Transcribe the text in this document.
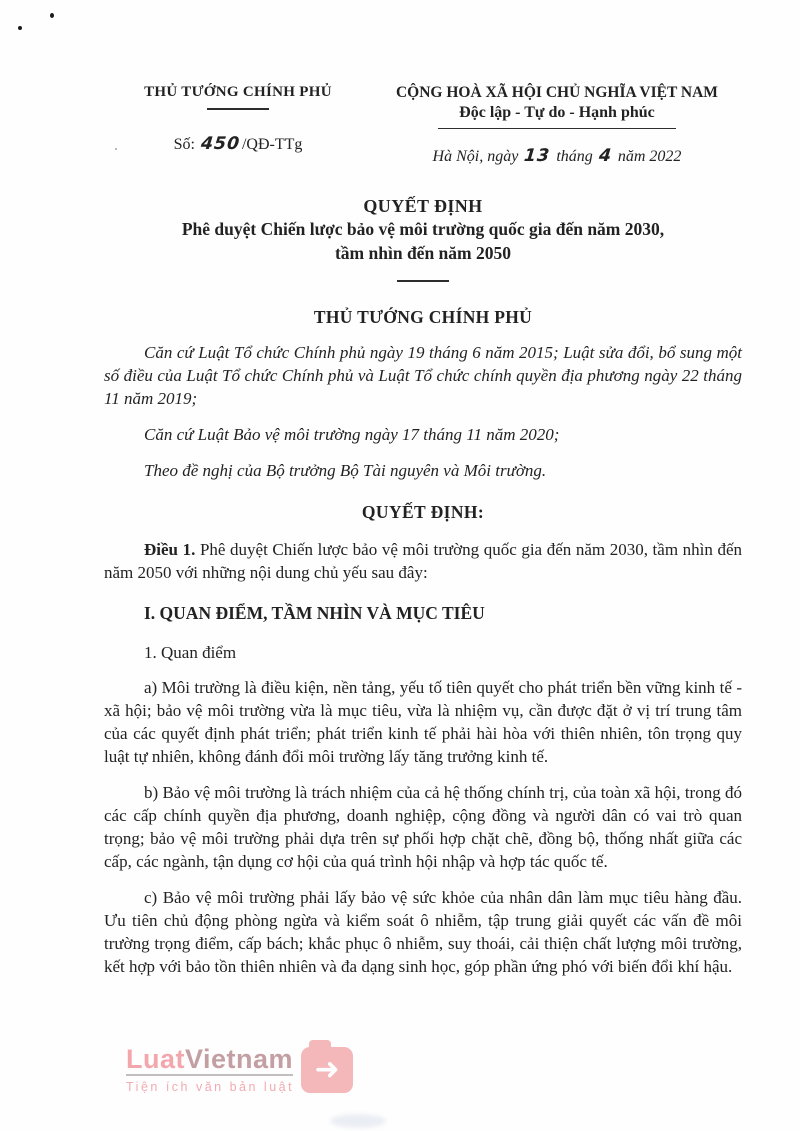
THỦ TƯỚNG CHÍNH PHỦ
Số: 450/QĐ-TTg
CỘNG HOÀ XÃ HỘI CHỦ NGHĨA VIỆT NAM
Độc lập - Tự do - Hạnh phúc
Hà Nội, ngày 13 tháng 4 năm 2022
QUYẾT ĐỊNH
Phê duyệt Chiến lược bảo vệ môi trường quốc gia đến năm 2030,
tầm nhìn đến năm 2050
THỦ TƯỚNG CHÍNH PHỦ

Căn cứ Luật Tổ chức Chính phủ ngày 19 tháng 6 năm 2015; Luật sửa đổi, bổ sung một số điều của Luật Tổ chức Chính phủ và Luật Tổ chức chính quyền địa phương ngày 22 tháng 11 năm 2019;

Căn cứ Luật Bảo vệ môi trường ngày 17 tháng 11 năm 2020;

Theo đề nghị của Bộ trưởng Bộ Tài nguyên và Môi trường.

QUYẾT ĐỊNH:

Điều 1. Phê duyệt Chiến lược bảo vệ môi trường quốc gia đến năm 2030, tầm nhìn đến năm 2050 với những nội dung chủ yếu sau đây:

I. QUAN ĐIỂM, TẦM NHÌN VÀ MỤC TIÊU
1. Quan điểm

a) Môi trường là điều kiện, nền tảng, yếu tố tiên quyết cho phát triển bền vững kinh tế - xã hội; bảo vệ môi trường vừa là mục tiêu, vừa là nhiệm vụ, cần được đặt ở vị trí trung tâm của các quyết định phát triển; phát triển kinh tế phải hài hòa với thiên nhiên, tôn trọng quy luật tự nhiên, không đánh đổi môi trường lấy tăng trưởng kinh tế.

b) Bảo vệ môi trường là trách nhiệm của cả hệ thống chính trị, của toàn xã hội, trong đó các cấp chính quyền địa phương, doanh nghiệp, cộng đồng và người dân có vai trò quan trọng; bảo vệ môi trường phải dựa trên sự phối hợp chặt chẽ, đồng bộ, thống nhất giữa các cấp, các ngành, tận dụng cơ hội của quá trình hội nhập và hợp tác quốc tế.

c) Bảo vệ môi trường phải lấy bảo vệ sức khỏe của nhân dân làm mục tiêu hàng đầu. Ưu tiên chủ động phòng ngừa và kiểm soát ô nhiễm, tập trung giải quyết các vấn đề môi trường trọng điểm, cấp bách; khắc phục ô nhiễm, suy thoái, cải thiện chất lượng môi trường, kết hợp với bảo tồn thiên nhiên và đa dạng sinh học, góp phần ứng phó với biến đổi khí hậu.

LuatVietnam
Tiện ích văn bản luật
➜
